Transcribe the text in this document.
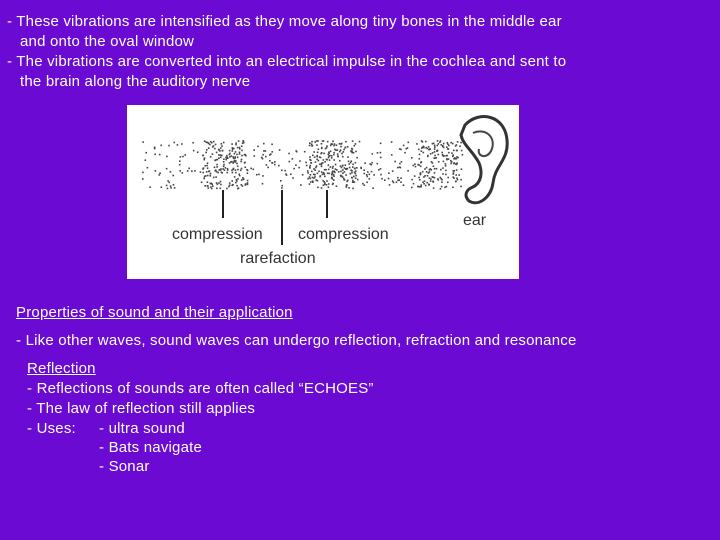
- These vibrations are intensified as they move along tiny bones in the middle ear
and onto the oval window
- The vibrations are converted into an electrical impulse in the cochlea and sent to
the brain along the auditory nerve
compression compression
rarefaction
ear
Properties of sound and their application
- Like other waves, sound waves can undergo reflection, refraction and resonance
Reflection
- Reflections of sounds are often called “ECHOES”
- The law of reflection still applies
- Uses: - ultra sound
- Bats navigate
- Sonar
